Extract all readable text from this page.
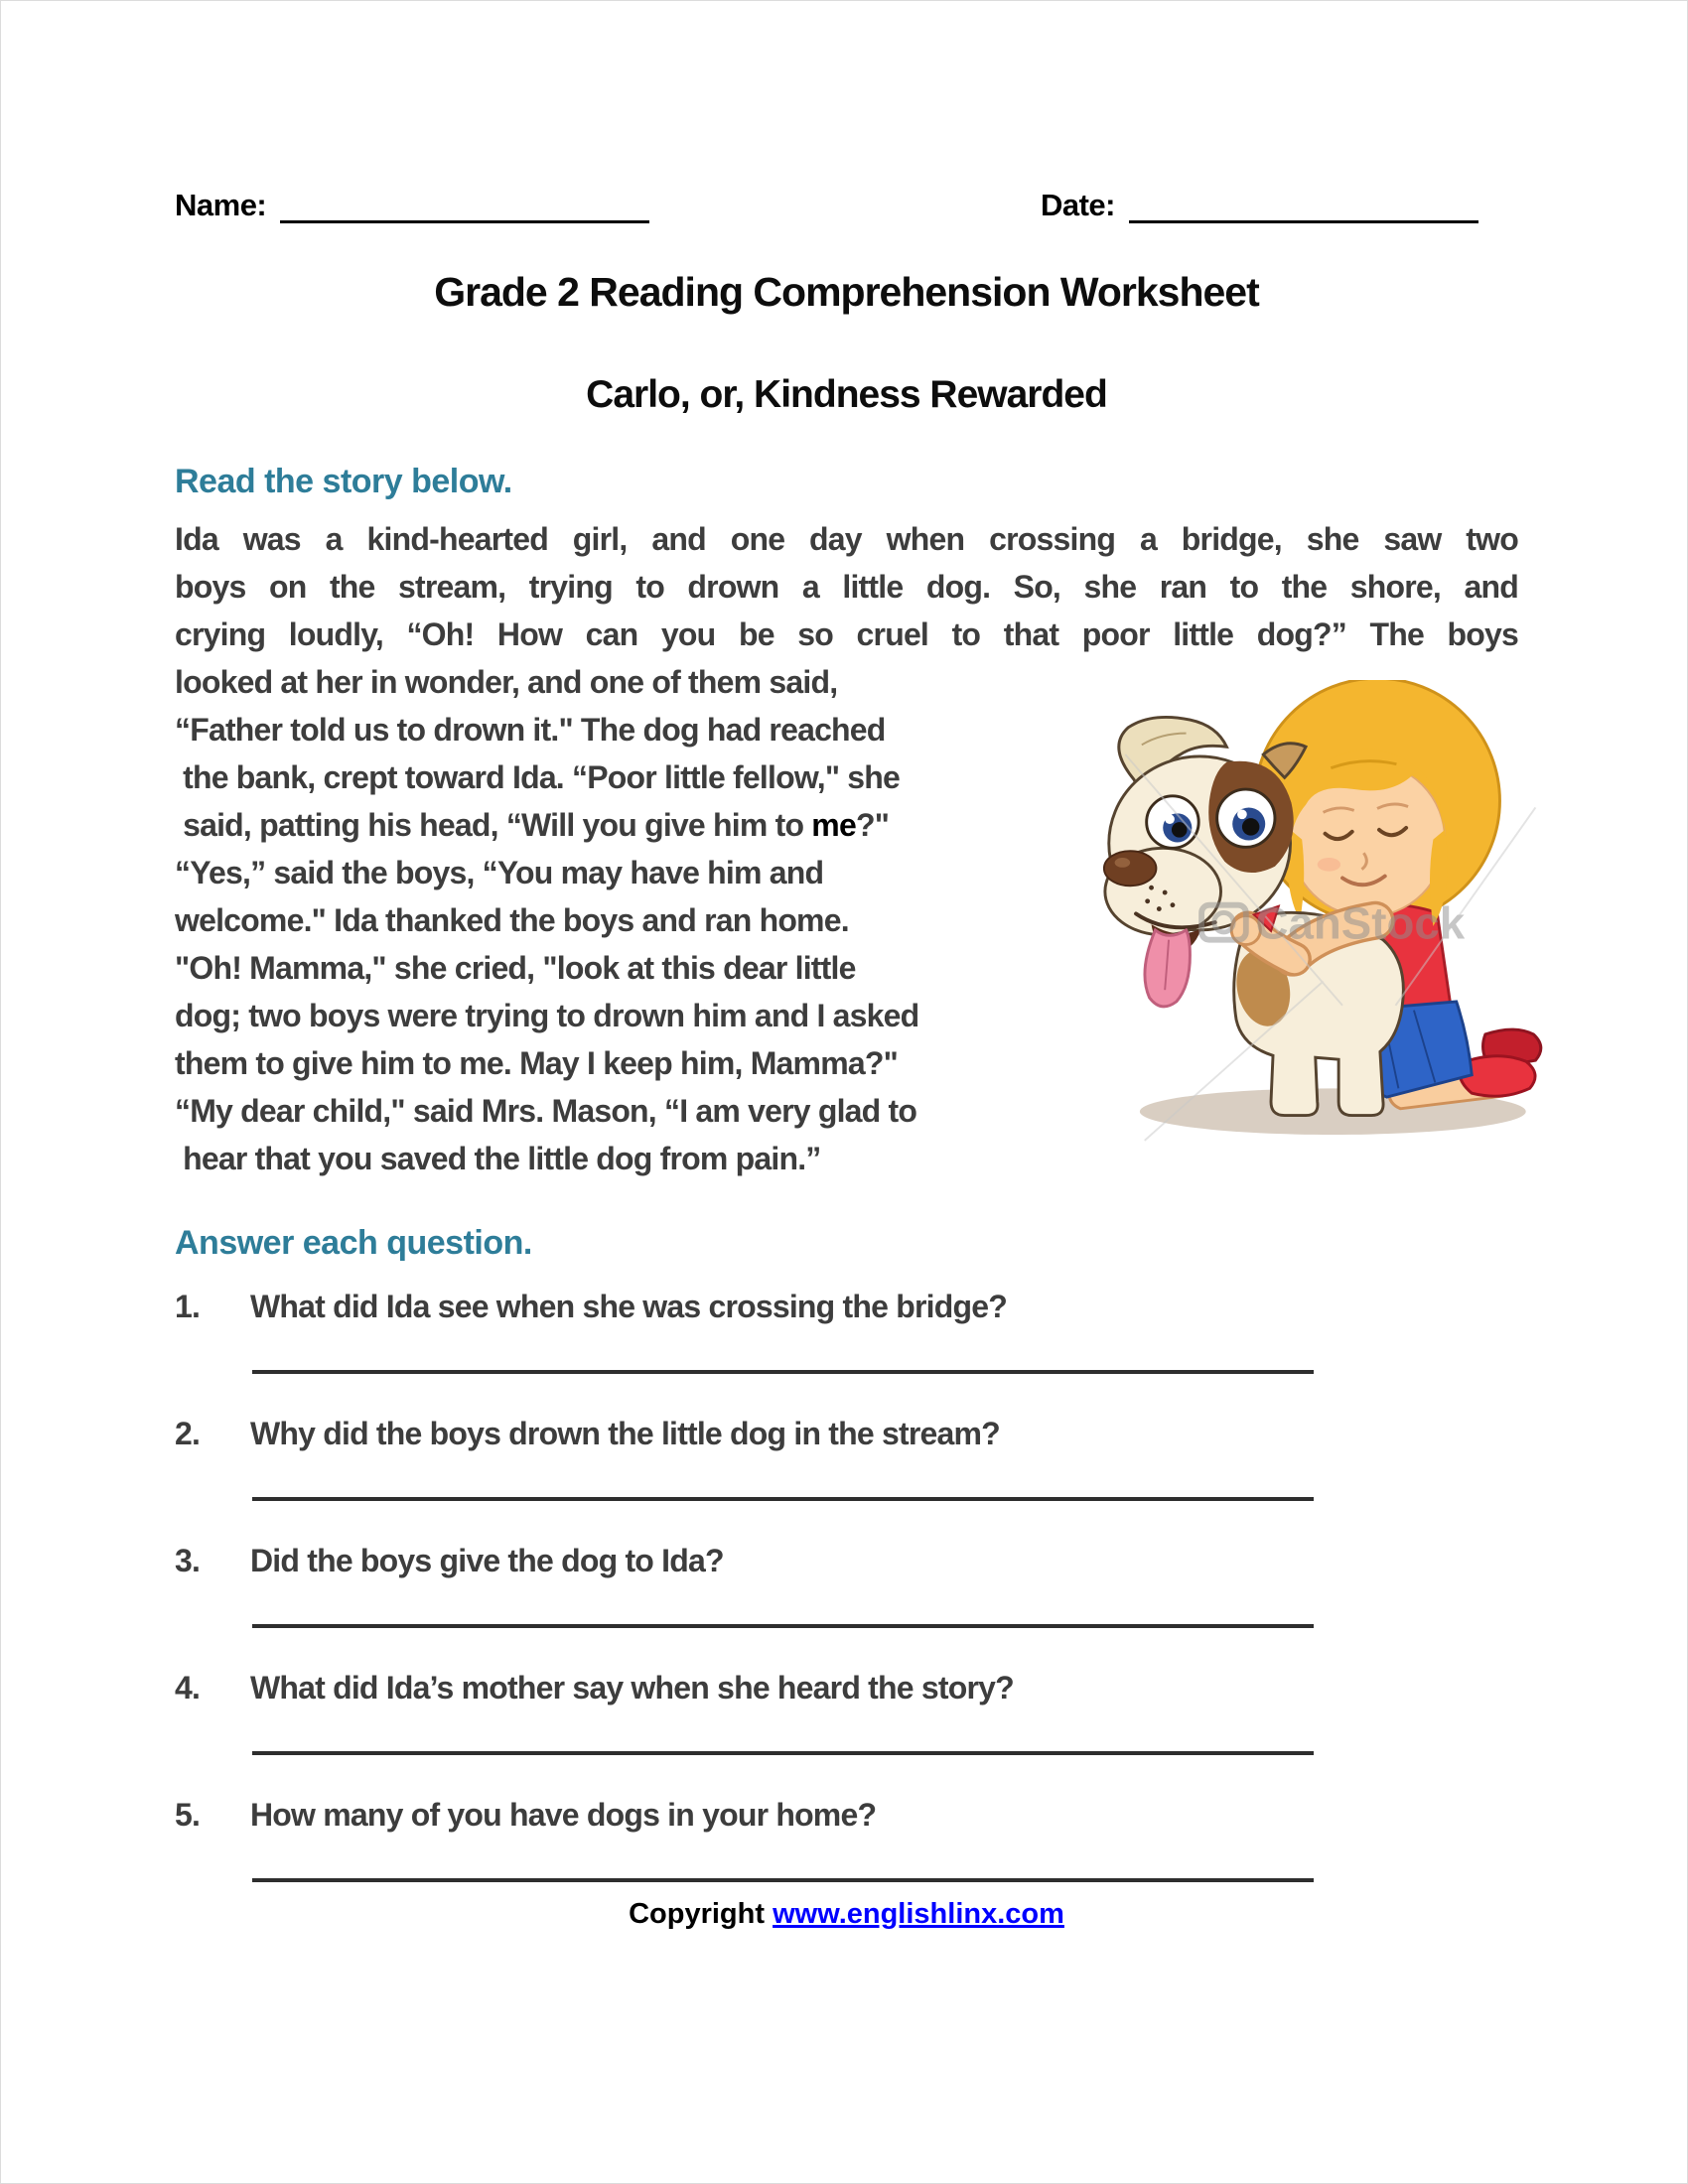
Name:	Date:
Grade 2 Reading Comprehension Worksheet
Carlo, or, Kindness Rewarded
Read the story below.
Ida was a kind-hearted girl, and one day when crossing a bridge, she saw two
boys on the stream, trying to drown a little dog. So, she ran to the shore, and
crying loudly, “Oh! How can you be so cruel to that poor little dog?” The boys
looked at her in wonder, and one of them said,
“Father told us to drown it." The dog had reached
the bank, crept toward Ida. “Poor little fellow," she
said, patting his head, “Will you give him to me?"
“Yes,” said the boys, “You may have him and
welcome." Ida thanked the boys and ran home.
"Oh! Mamma," she cried, "look at this dear little
dog; two boys were trying to drown him and I asked
them to give him to me. May I keep him, Mamma?"
“My dear child," said Mrs. Mason, “I am very glad to
hear that you saved the little dog from pain.”
CanStock
Answer each question.
1.	What did Ida see when she was crossing the bridge?
2.	Why did the boys drown the little dog in the stream?
3.	Did the boys give the dog to Ida?
4.	What did Ida’s mother say when she heard the story?
5.	How many of you have dogs in your home?
Copyright www.englishlinx.com
